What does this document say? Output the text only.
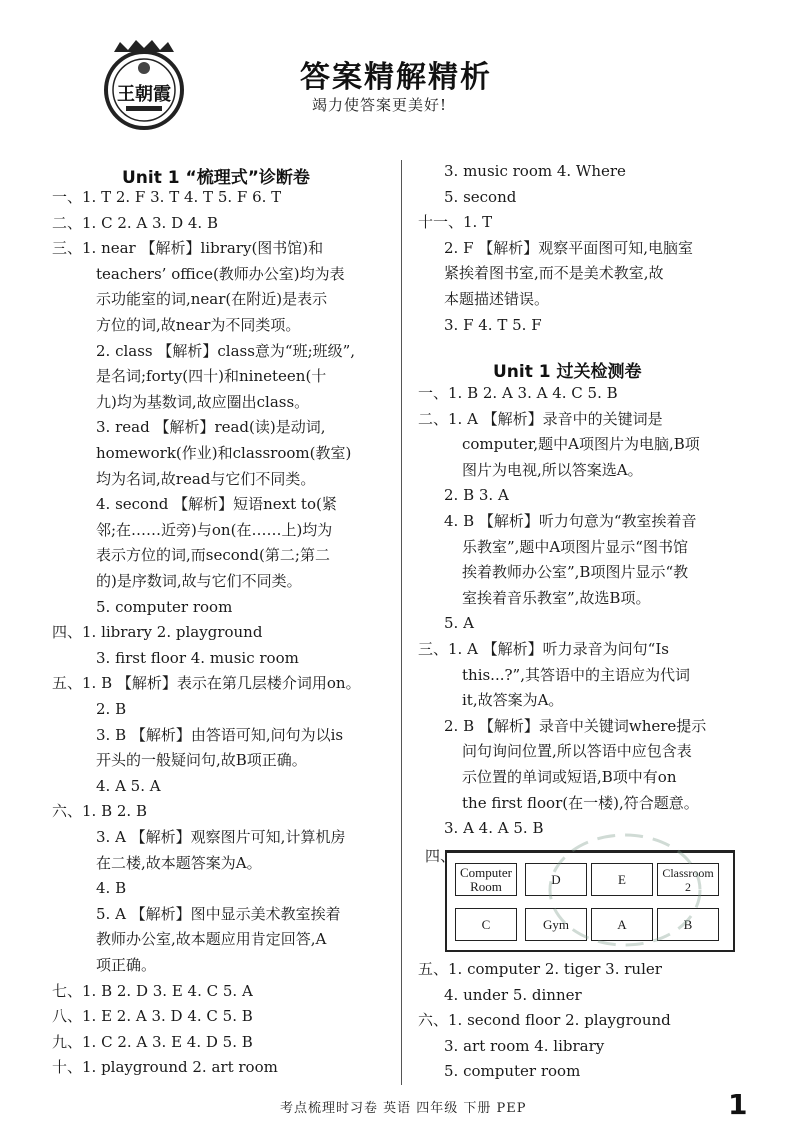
王朝霞	答案精解精析
竭力使答案更美好!
Unit 1 “梳理式”诊断卷
一、1. T 2. F 3. T 4. T 5. F 6. T
二、1. C 2. A 3. D 4. B
三、1. near 【解析】library(图书馆)和
teachers’ office(教师办公室)均为表
示功能室的词,near(在附近)是表示
方位的词,故near为不同类项。
2. class 【解析】class意为“班;班级”,
是名词;forty(四十)和nineteen(十
九)均为基数词,故应圈出class。
3. read 【解析】read(读)是动词,
homework(作业)和classroom(教室)
均为名词,故read与它们不同类。
4. second 【解析】短语next to(紧
邻;在……近旁)与on(在……上)均为
表示方位的词,而second(第二;第二
的)是序数词,故与它们不同类。
5. computer room
四、1. library 2. playground
3. first floor 4. music room
五、1. B 【解析】表示在第几层楼介词用on。
2. B
3. B 【解析】由答语可知,问句为以is
开头的一般疑问句,故B项正确。
4. A 5. A
六、1. B 2. B
3. A 【解析】观察图片可知,计算机房
在二楼,故本题答案为A。
4. B
5. A 【解析】图中显示美术教室挨着
教师办公室,故本题应用肯定回答,A
项正确。
七、1. B 2. D 3. E 4. C 5. A
八、1. E 2. A 3. D 4. C 5. B
九、1. C 2. A 3. E 4. D 5. B
十、1. playground 2. art room
3. music room 4. Where
5. second
十一、1. T
2. F 【解析】观察平面图可知,电脑室
紧挨着图书室,而不是美术教室,故
本题描述错误。
3. F 4. T 5. F
Unit 1 过关检测卷
一、1. B 2. A 3. A 4. C 5. B
二、1. A 【解析】录音中的关键词是
computer,题中A项图片为电脑,B项
图片为电视,所以答案选A。
2. B 3. A
4. B 【解析】听力句意为“教室挨着音
乐教室”,题中A项图片显示“图书馆
挨着教师办公室”,B项图片显示“教
室挨着音乐教室”,故选B项。
5. A
三、1. A 【解析】听力录音为问句“Is
this...?”,其答语中的主语应为代词
it,故答案为A。
2. B 【解析】录音中关键词where提示
问句询问位置,所以答语中应包含表
示位置的单词或短语,B项中有on
the first floor(在一楼),符合题意。
3. A 4. A 5. B
四、
五、1. computer 2. tiger 3. ruler
4. under 5. dinner
六、1. second floor 2. playground
3. art room 4. library
5. computer room
Computer Room	D	E	Classroom 2
C	Gym	A	B
考点梳理时习卷 英语 四年级 下册 PEP	1
